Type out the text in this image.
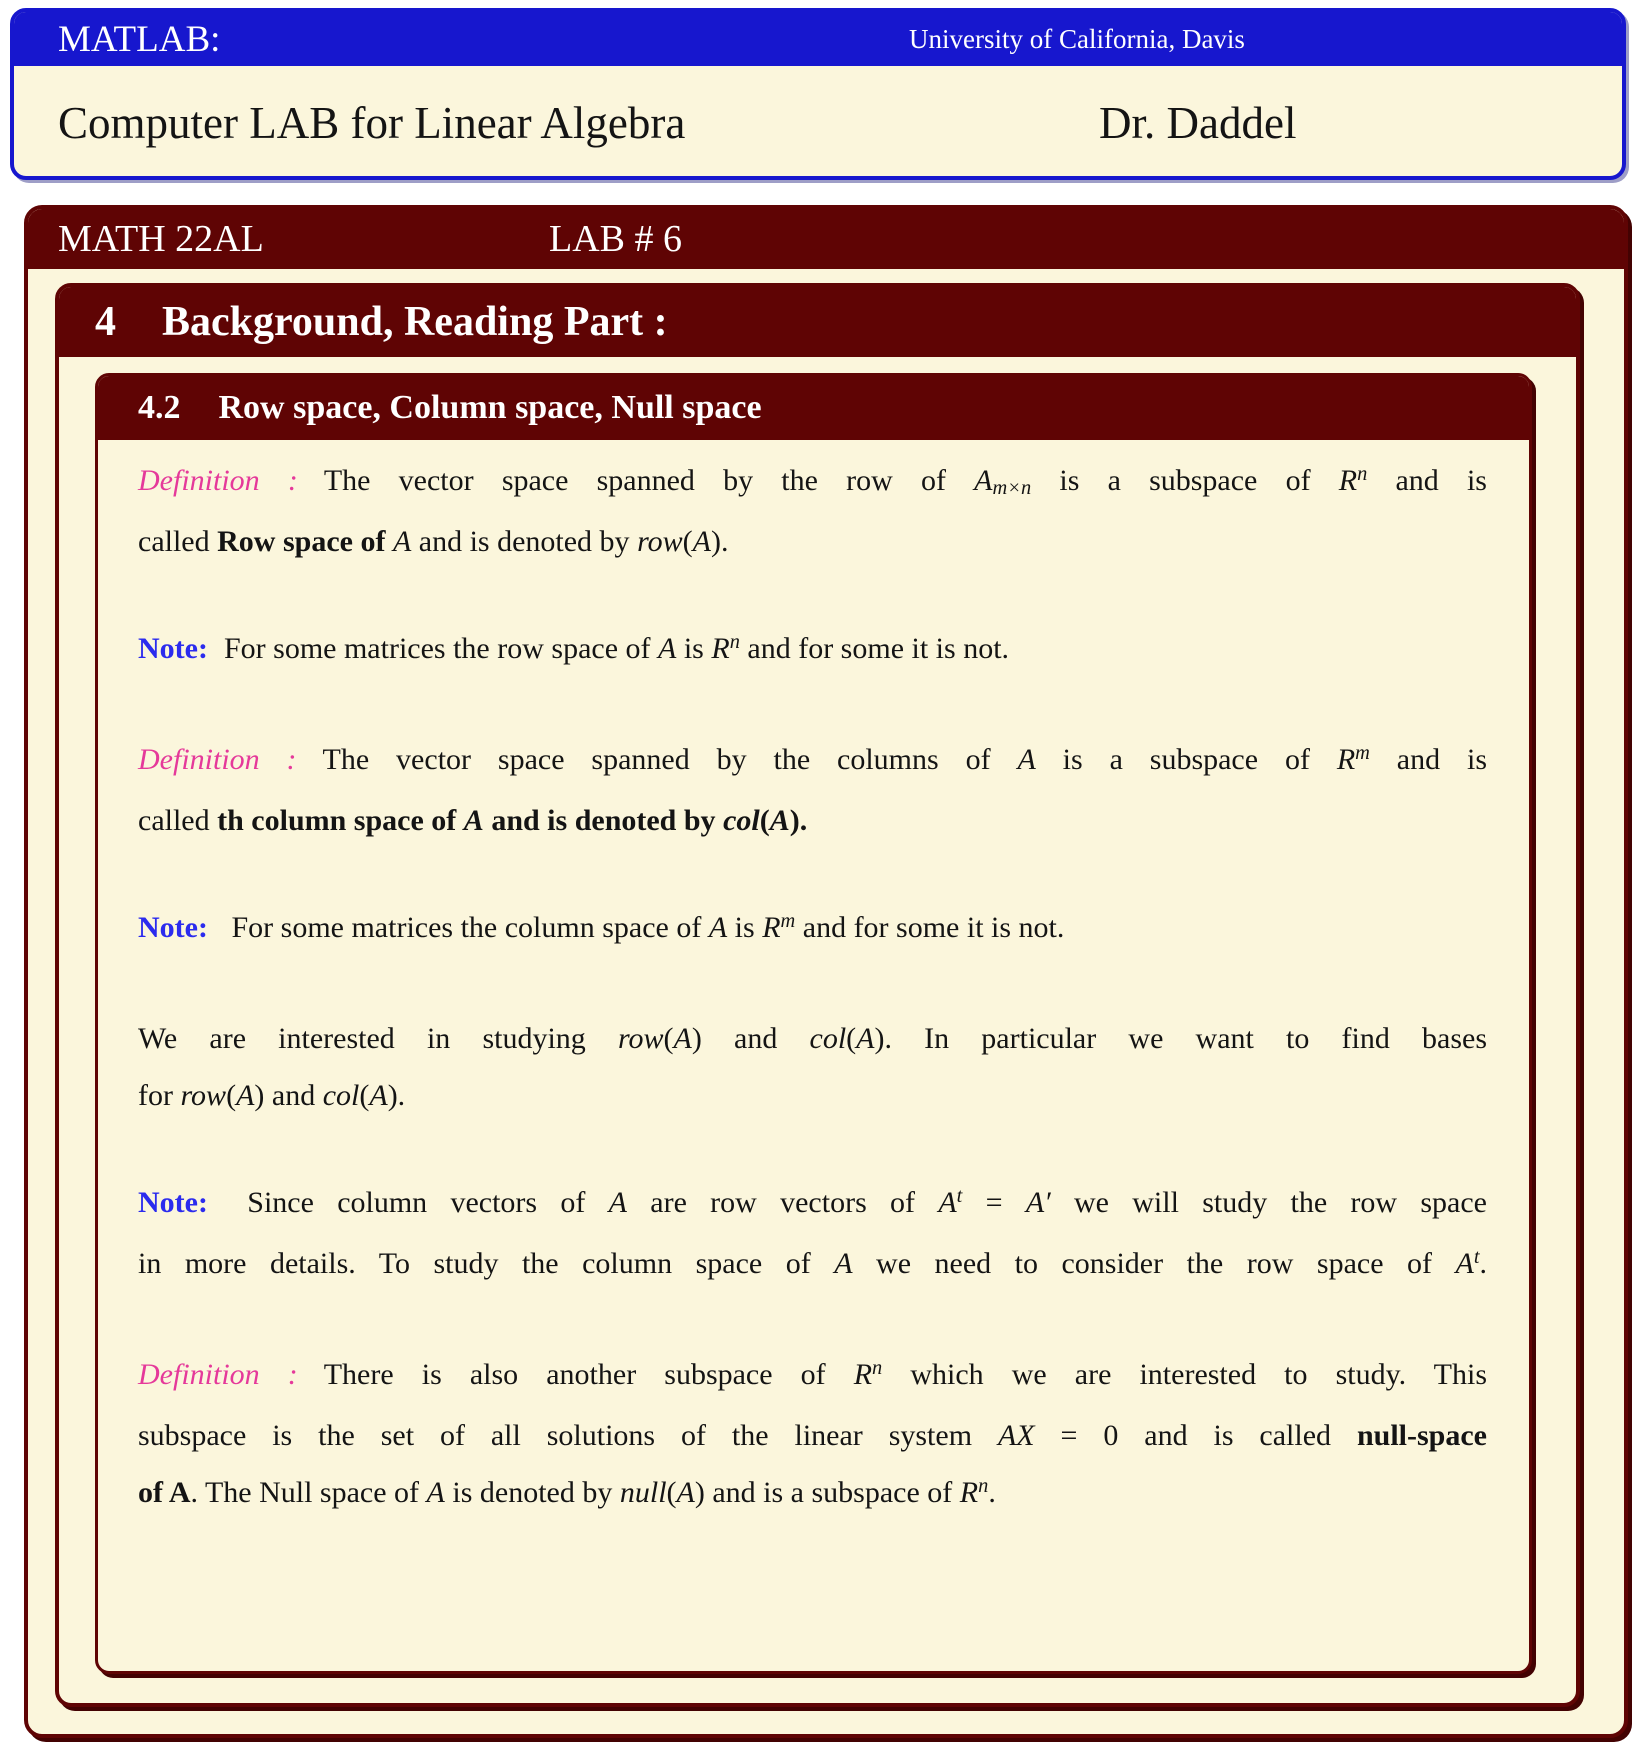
MATLAB:	University of California, Davis
Computer LAB for Linear Algebra	Dr. Daddel
MATH 22AL	LAB # 6
4 Background, Reading Part :
4.2 Row space, Column space, Null space
Definition : The vector space spanned by the row of Am×n is a subspace of $R^n$ and is
called Row space of A and is denoted by row(A).
Note: For some matrices the row space of A is $R^n$ and for some it is not.
Definition : The vector space spanned by the columns of A is a subspace of $R^m$ and is
called th column space of A and is denoted by col(A).
Note: For some matrices the column space of A is $R^m$ and for some it is not.
We are interested in studying row(A) and col(A). In particular we want to find bases
for row(A) and col(A).
Note: Since column vectors of A are row vectors of $A^t = A'$ we will study the row space
in more details. To study the column space of A we need to consider the row space of $A^t$.
Definition : There is also another subspace of $R^n$ which we are interested to study. This
subspace is the set of all solutions of the linear system AX = 0 and is called null-space
of A. The Null space of A is denoted by null(A) and is a subspace of $R^n$.
